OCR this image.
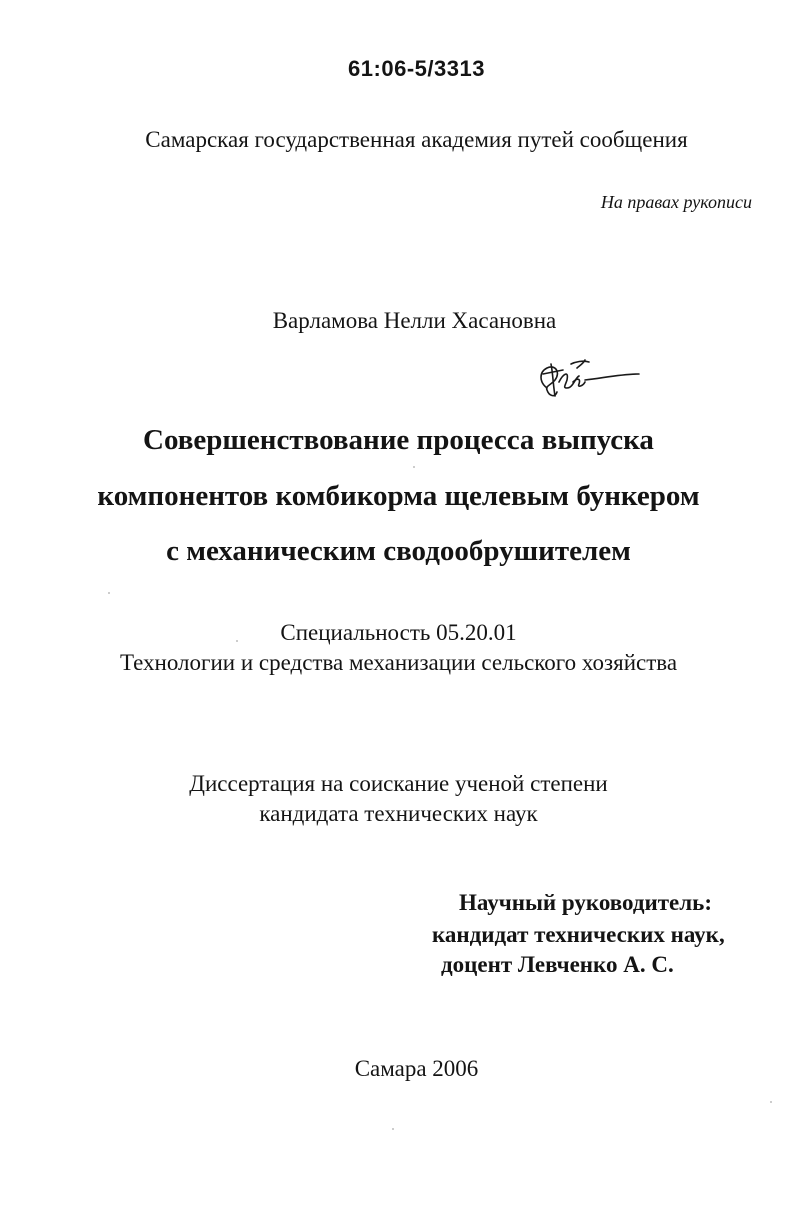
61:06-5/3313
Самарская государственная академия путей сообщения
На правах рукописи
Варламова Нелли Хасановна
Совершенствование процесса выпуска
компонентов комбикорма щелевым бункером
с механическим сводообрушителем
Специальность 05.20.01
Технологии и средства механизации сельского хозяйства
Диссертация на соискание ученой степени
кандидата технических наук
Научный руководитель:
кандидат технических наук,
доцент Левченко А. С.
Самара 2006
